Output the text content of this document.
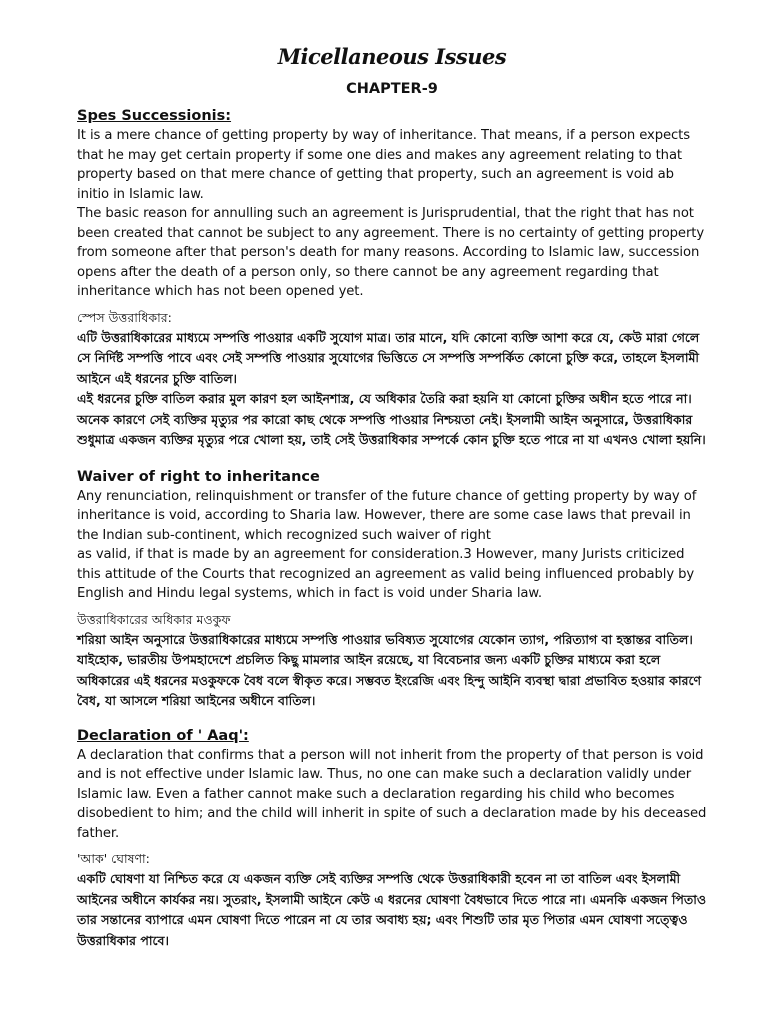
Micellaneous Issues
CHAPTER-9
Spes Successionis:

It is a mere chance of getting property by way of inheritance. That means, if a person expects that he may get certain property if some one dies and makes any agreement relating to that property based on that mere chance of getting that property, such an agreement is void ab initio in Islamic law.

The basic reason for annulling such an agreement is Jurisprudential, that the right that has not been created that cannot be subject to any agreement. There is no certainty of getting property from someone after that person's death for many reasons. According to Islamic law, succession opens after the death of a person only, so there cannot be any agreement regarding that inheritance which has not been opened yet.

স্পেস উত্তরাধিকার:

এটি উত্তরাধিকারের মাধ্যমে সম্পত্তি পাওয়ার একটি সুযোগ মাত্র। তার মানে, যদি কোনো ব্যক্তি আশা করে যে, কেউ মারা গেলে সে নির্দিষ্ট সম্পত্তি পাবে এবং সেই সম্পত্তি পাওয়ার সুযোগের ভিত্তিতে সে সম্পত্তি সম্পর্কিত কোনো চুক্তি করে, তাহলে ইসলামী আইনে এই ধরনের চুক্তি বাতিল।

এই ধরনের চুক্তি বাতিল করার মুল কারণ হল আইনশাস্ত্র, যে অধিকার তৈরি করা হয়নি যা কোনো চুক্তির অধীন হতে পারে না। অনেক কারণে সেই ব্যক্তির মৃত্যুর পর কারো কাছ থেকে সম্পত্তি পাওয়ার নিশ্চয়তা নেই। ইসলামী আইন অনুসারে, উত্তরাধিকার শুধুমাত্র একজন ব্যক্তির মৃত্যুর পরে খোলা হয়, তাই সেই উত্তরাধিকার সম্পর্কে কোন চুক্তি হতে পারে না যা এখনও খোলা হয়নি।

Waiver of right to inheritance

Any renunciation, relinquishment or transfer of the future chance of getting property by way of inheritance is void, according to Sharia law. However, there are some case laws that prevail in the Indian sub-continent, which recognized such waiver of right

as valid, if that is made by an agreement for consideration.3 However, many Jurists criticized this attitude of the Courts that recognized an agreement as valid being influenced probably by English and Hindu legal systems, which in fact is void under Sharia law.

উত্তরাধিকারের অধিকার মওকুফ

শরিয়া আইন অনুসারে উত্তরাধিকারের মাধ্যমে সম্পত্তি পাওয়ার ভবিষ্যত সুযোগের যেকোন ত্যাগ, পরিত্যাগ বা হস্তান্তর বাতিল। যাইহোক, ভারতীয় উপমহাদেশে প্রচলিত কিছু মামলার আইন রয়েছে, যা বিবেচনার জন্য একটি চুক্তির মাধ্যমে করা হলে অধিকারের এই ধরনের মওকুফকে বৈধ বলে স্বীকৃত করে। সম্ভবত ইংরেজি এবং হিন্দু আইনি ব্যবস্থা দ্বারা প্রভাবিত হওয়ার কারণে বৈধ, যা আসলে শরিয়া আইনের অধীনে বাতিল।

Declaration of ' Aaq':

A declaration that confirms that a person will not inherit from the property of that person is void and is not effective under Islamic law. Thus, no one can make such a declaration validly under Islamic law. Even a father cannot make such a declaration regarding his child who becomes disobedient to him; and the child will inherit in spite of such a declaration made by his deceased father.

'আক' ঘোষণা:

একটি ঘোষণা যা নিশ্চিত করে যে একজন ব্যক্তি সেই ব্যক্তির সম্পত্তি থেকে উত্তরাধিকারী হবেন না তা বাতিল এবং ইসলামী আইনের অধীনে কার্যকর নয়। সুতরাং, ইসলামী আইনে কেউ এ ধরনের ঘোষণা বৈধভাবে দিতে পারে না। এমনকি একজন পিতাও তার সন্তানের ব্যাপারে এমন ঘোষণা দিতে পারেন না যে তার অবাধ্য হয়; এবং শিশুটি তার মৃত পিতার এমন ঘোষণা সত্ত্বেও উত্তরাধিকার পাবে।
